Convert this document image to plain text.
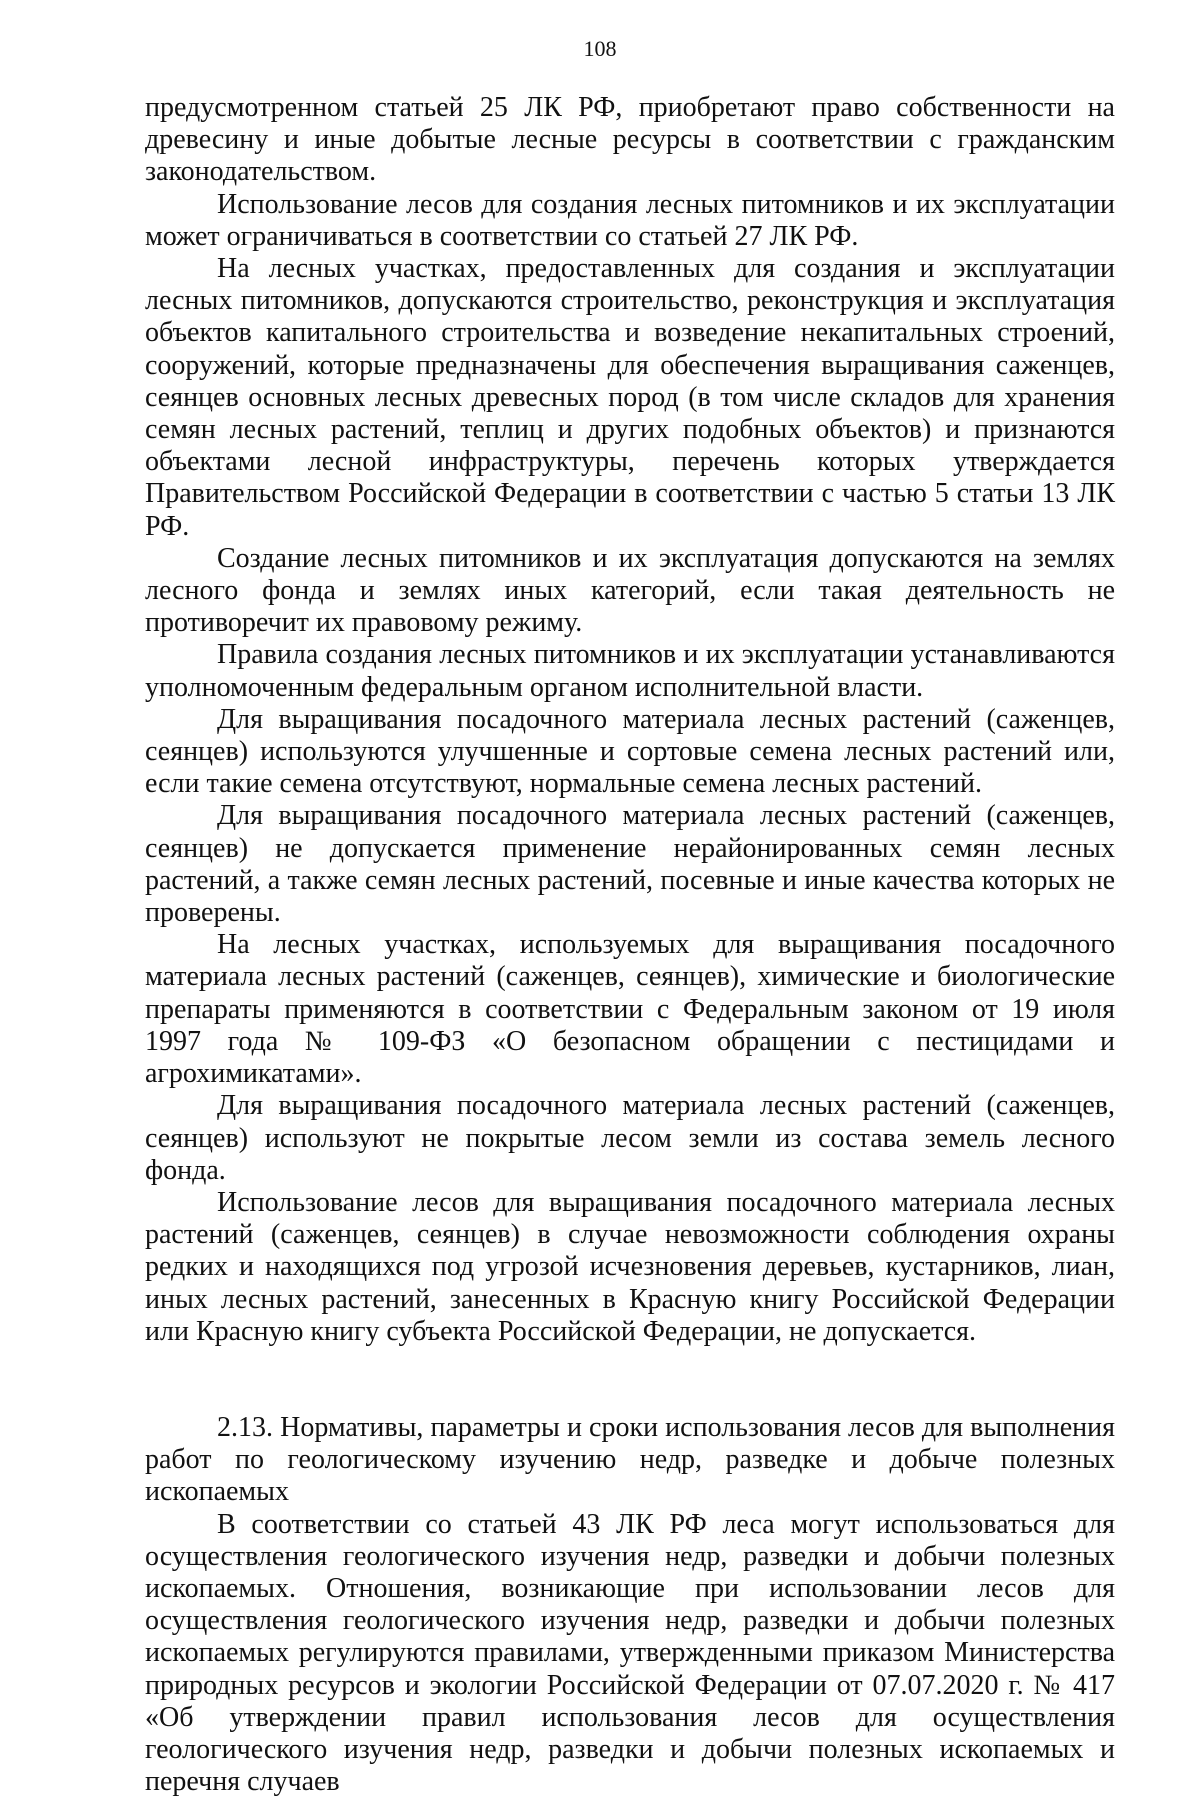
108

предусмотренном статьей 25 ЛК РФ, приобретают право собственности на древесину и иные добытые лесные ресурсы в соответствии с гражданским законодательством.

Использование лесов для создания лесных питомников и их эксплуатации может ограничиваться в соответствии со статьей 27 ЛК РФ.

На лесных участках, предоставленных для создания и эксплуатации лесных питомников, допускаются строительство, реконструкция и эксплуатация объектов капитального строительства и возведение некапитальных строений, сооружений, которые предназначены для обеспечения выращивания саженцев, сеянцев основных лесных древесных пород (в том числе складов для хранения семян лесных растений, теплиц и других подобных объектов) и признаются объектами лесной инфраструктуры, перечень которых утверждается Правительством Российской Федерации в соответствии с частью 5 статьи 13 ЛК РФ.

Создание лесных питомников и их эксплуатация допускаются на землях лесного фонда и землях иных категорий, если такая деятельность не противоречит их правовому режиму.

Правила создания лесных питомников и их эксплуатации устанавливаются уполномоченным федеральным органом исполнительной власти.

Для выращивания посадочного материала лесных растений (саженцев, сеянцев) используются улучшенные и сортовые семена лесных растений или, если такие семена отсутствуют, нормальные семена лесных растений.

Для выращивания посадочного материала лесных растений (саженцев, сеянцев) не допускается применение нерайонированных семян лесных растений, а также семян лесных растений, посевные и иные качества которых не проверены.

На лесных участках, используемых для выращивания посадочного материала лесных растений (саженцев, сеянцев), химические и биологические препараты применяются в соответствии с Федеральным законом от 19 июля 1997 года № 109-ФЗ «О безопасном обращении с пестицидами и агрохимикатами».

Для выращивания посадочного материала лесных растений (саженцев, сеянцев) используют не покрытые лесом земли из состава земель лесного фонда.

Использование лесов для выращивания посадочного материала лесных растений (саженцев, сеянцев) в случае невозможности соблюдения охраны редких и находящихся под угрозой исчезновения деревьев, кустарников, лиан, иных лесных растений, занесенных в Красную книгу Российской Федерации или Красную книгу субъекта Российской Федерации, не допускается.

2.13. Нормативы, параметры и сроки использования лесов для выполнения работ по геологическому изучению недр, разведке и добыче полезных ископаемых

В соответствии со статьей 43 ЛК РФ леса могут использоваться для осуществления геологического изучения недр, разведки и добычи полезных ископаемых. Отношения, возникающие при использовании лесов для осуществления геологического изучения недр, разведки и добычи полезных ископаемых регулируются правилами, утвержденными приказом Министерства природных ресурсов и экологии Российской Федерации от 07.07.2020 г. № 417 «Об утверждении правил использования лесов для осуществления геологического изучения недр, разведки и добычи полезных ископаемых и перечня случаев
